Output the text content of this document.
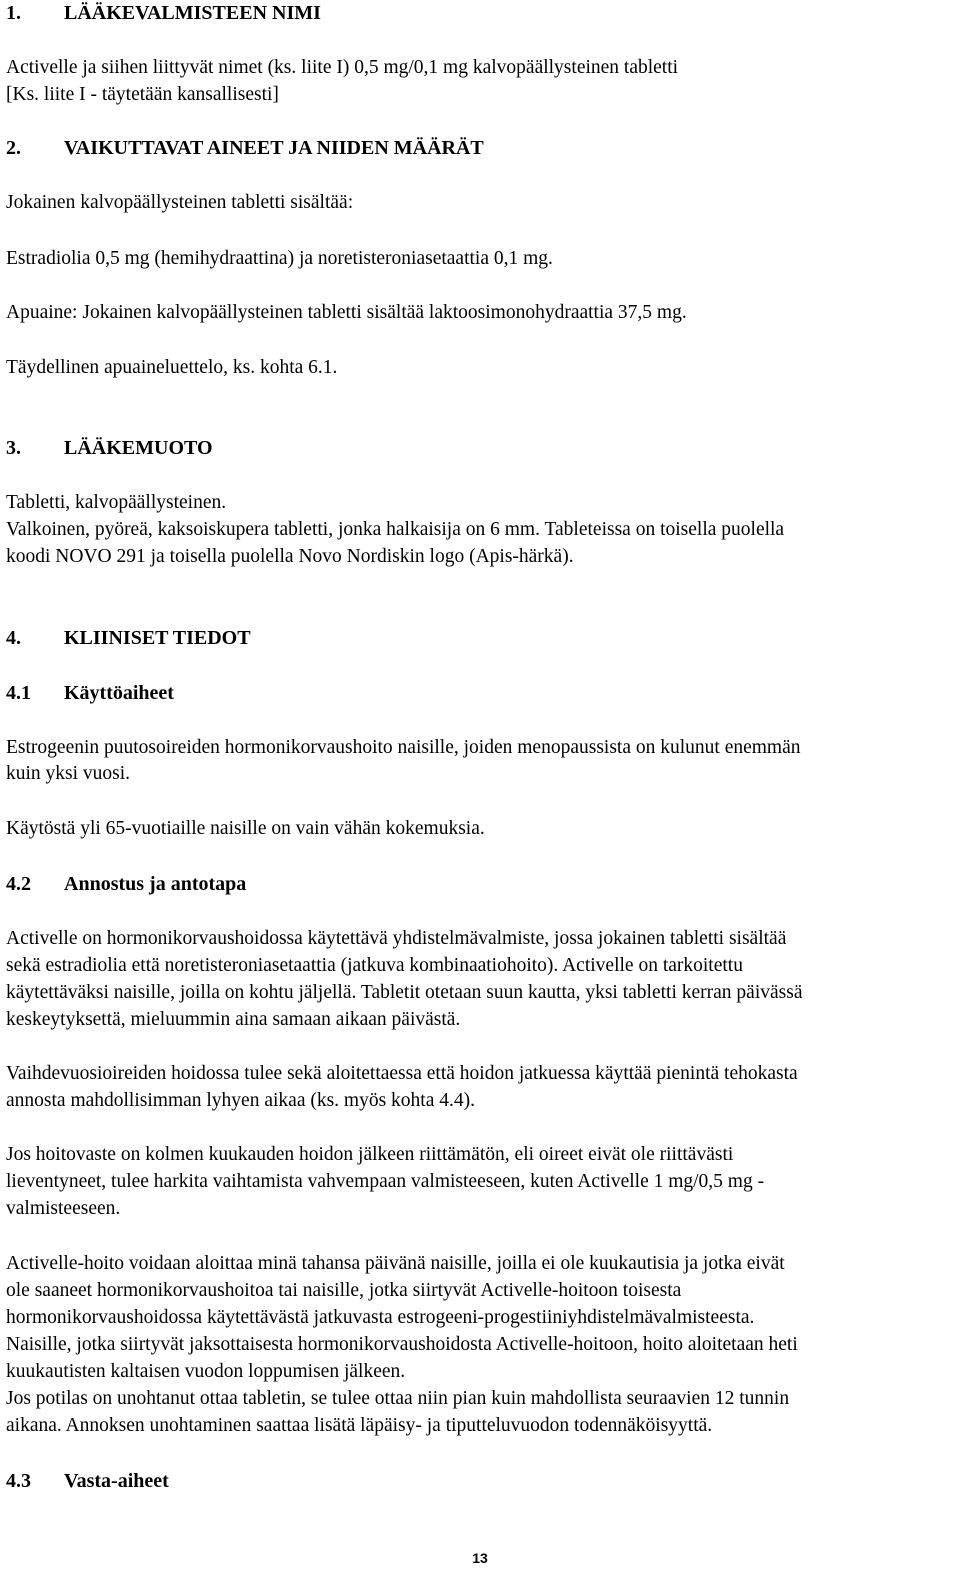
1. LÄÄKEVALMISTEEN NIMI
Activelle ja siihen liittyvät nimet (ks. liite I) 0,5 mg/0,1 mg kalvopäällysteinen tabletti
[Ks. liite I - täytetään kansallisesti]
2. VAIKUTTAVAT AINEET JA NIIDEN MÄÄRÄT
Jokainen kalvopäällysteinen tabletti sisältää:
Estradiolia 0,5 mg (hemihydraattina) ja noretisteroniasetaattia 0,1 mg.
Apuaine: Jokainen kalvopäällysteinen tabletti sisältää laktoosimonohydraattia 37,5 mg.
Täydellinen apuaineluettelo, ks. kohta 6.1.
3. LÄÄKEMUOTO
Tabletti, kalvopäällysteinen.
Valkoinen, pyöreä, kaksoiskupera tabletti, jonka halkaisija on 6 mm. Tableteissa on toisella puolella
koodi NOVO 291 ja toisella puolella Novo Nordiskin logo (Apis-härkä).
4. KLIINISET TIEDOT
4.1 Käyttöaiheet
Estrogeenin puutosoireiden hormonikorvaushoito naisille, joiden menopaussista on kulunut enemmän
kuin yksi vuosi.
Käytöstä yli 65-vuotiaille naisille on vain vähän kokemuksia.
4.2 Annostus ja antotapa
Activelle on hormonikorvaushoidossa käytettävä yhdistelmävalmiste, jossa jokainen tabletti sisältää
sekä estradiolia että noretisteroniasetaattia (jatkuva kombinaatiohoito). Activelle on tarkoitettu
käytettäväksi naisille, joilla on kohtu jäljellä. Tabletit otetaan suun kautta, yksi tabletti kerran päivässä
keskeytyksettä, mieluummin aina samaan aikaan päivästä.
Vaihdevuosioireiden hoidossa tulee sekä aloitettaessa että hoidon jatkuessa käyttää pienintä tehokasta
annosta mahdollisimman lyhyen aikaa (ks. myös kohta 4.4).
Jos hoitovaste on kolmen kuukauden hoidon jälkeen riittämätön, eli oireet eivät ole riittävästi
lieventyneet, tulee harkita vaihtamista vahvempaan valmisteeseen, kuten Activelle 1 mg/0,5 mg -
valmisteeseen.
Activelle-hoito voidaan aloittaa minä tahansa päivänä naisille, joilla ei ole kuukautisia ja jotka eivät
ole saaneet hormonikorvaushoitoa tai naisille, jotka siirtyvät Activelle-hoitoon toisesta
hormonikorvaushoidossa käytettävästä jatkuvasta estrogeeni-progestiiniyhdistelmävalmisteesta.
Naisille, jotka siirtyvät jaksottaisesta hormonikorvaushoidosta Activelle-hoitoon, hoito aloitetaan heti
kuukautisten kaltaisen vuodon loppumisen jälkeen.
Jos potilas on unohtanut ottaa tabletin, se tulee ottaa niin pian kuin mahdollista seuraavien 12 tunnin
aikana. Annoksen unohtaminen saattaa lisätä läpäisy- ja tiputteluvuodon todennäköisyyttä.
4.3 Vasta-aiheet
13
